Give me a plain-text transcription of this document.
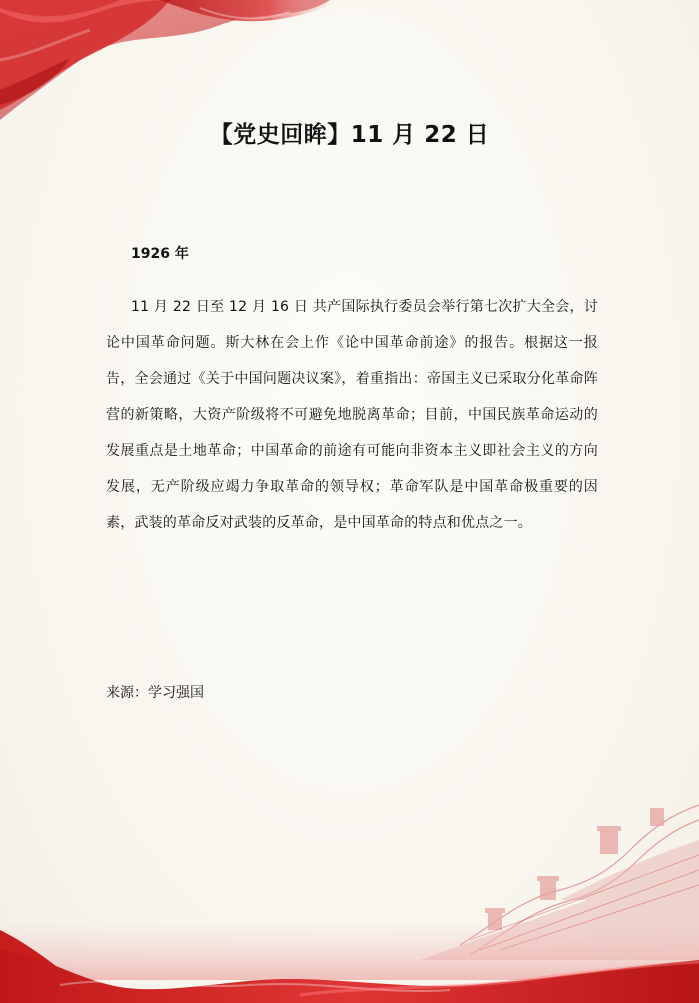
【党史回眸】11 月 22 日
1926 年
11 月 22 日至 12 月 16 日 共产国际执行委员会举行第七次扩大全会，讨论中国革命问题。斯大林在会上作《论中国革命前途》的报告。根据这一报告，全会通过《关于中国问题决议案》，着重指出：帝国主义已采取分化革命阵营的新策略，大资产阶级将不可避免地脱离革命；目前，中国民族革命运动的发展重点是土地革命；中国革命的前途有可能向非资本主义即社会主义的方向发展，无产阶级应竭力争取革命的领导权；革命军队是中国革命极重要的因素，武装的革命反对武装的反革命，是中国革命的特点和优点之一。
来源：学习强国
